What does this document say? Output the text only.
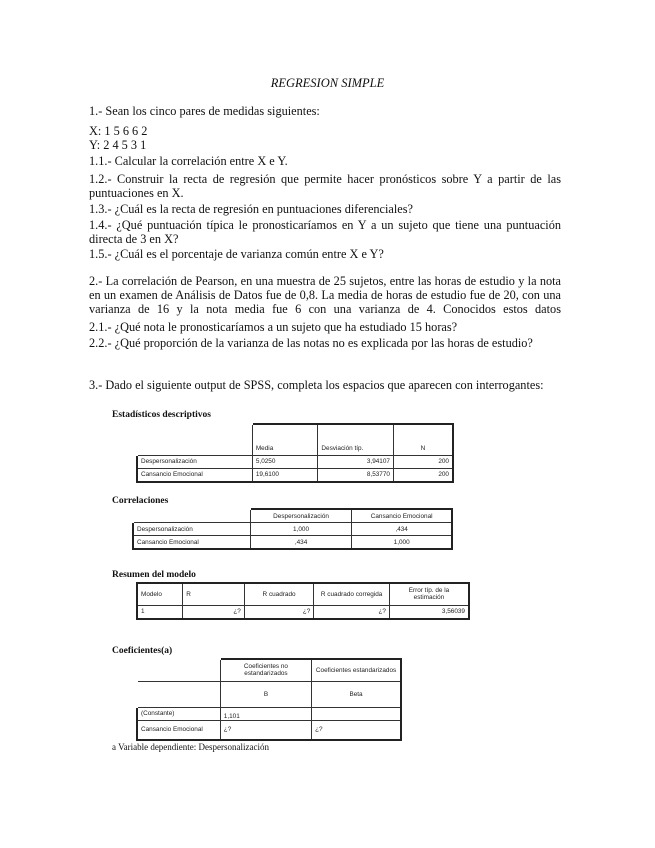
REGRESION SIMPLE
1.- Sean los cinco pares de medidas siguientes:
X: 1 5 6 6 2
Y: 2 4 5 3 1
1.1.- Calcular la correlación entre X e Y.
1.2.- Construir la recta de regresión que permite hacer pronósticos sobre Y a partir de las puntuaciones en X.
1.3.- ¿Cuál es la recta de regresión en puntuaciones diferenciales?
1.4.- ¿Qué puntuación típica le pronosticaríamos en Y a un sujeto que tiene una puntuación directa de 3 en X?
1.5.- ¿Cuál es el porcentaje de varianza común entre X e Y?
2.- La correlación de Pearson, en una muestra de 25 sujetos, entre las horas de estudio y la nota en un examen de Análisis de Datos fue de 0,8. La media de horas de estudio fue de 20, con una varianza de 16 y la nota media fue 6 con una varianza de 4. Conocidos estos datos
2.1.- ¿Qué nota le pronosticaríamos a un sujeto que ha estudiado 15 horas?
2.2.- ¿Qué proporción de la varianza de las notas no es explicada por las horas de estudio?
3.- Dado el siguiente output de SPSS, completa los espacios que aparecen con interrogantes:
Estadísticos descriptivos
	Media	Desviación típ.	N
Despersonalización	5,0250	3,94107	200
Cansancio Emocional	19,6100	8,53770	200
Correlaciones
	Despersonalización	Cansancio Emocional
Despersonalización	1,000	,434
Cansancio Emocional	,434	1,000
Resumen del modelo
Modelo	R	R cuadrado	R cuadrado corregida	Error típ. de la estimación
1	¿?	¿?	¿?	3,56039
Coeficientes(a)
	Coeficientes no estandarizados	Coeficientes estandarizados
	B	Beta
(Constante)	1,101	
Cansancio Emocional	¿?	¿?
a Variable dependiente: Despersonalización
